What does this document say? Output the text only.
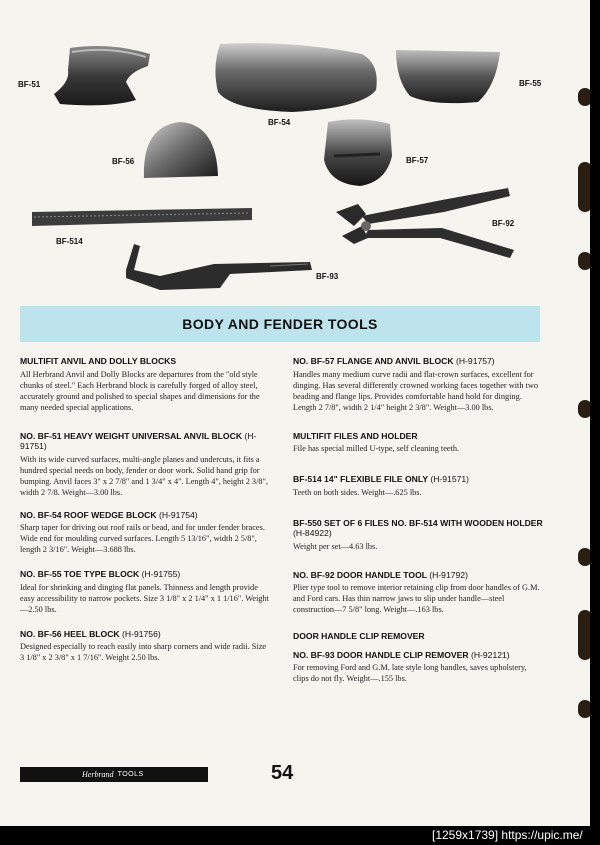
BF-51
BF-54
BF-55
BF-56	BF-57
BF-514
BF-92
BF-93
BODY AND FENDER TOOLS
MULTIFIT ANVIL AND DOLLY BLOCKS

All Herbrand Anvil and Dolly Blocks are departures from the "old style chunks of steel." Each Herbrand block is carefully forged of alloy steel, accurately ground and polished to special shapes and dimensions for the many needed special applications.

NO. BF-51 HEAVY WEIGHT UNIVERSAL ANVIL BLOCK (H-91751)

With its wide curved surfaces, multi-angle planes and undercuts, it fits a hundred special needs on body, fender or door work. Solid hand grip for bumping. Anvil faces 3" x 2 7/8" and 1 3/4" x 4". Length 4", height 2 3/8", width 2 7/8. Weight—3.00 lbs.

NO. BF-54 ROOF WEDGE BLOCK (H-91754)

Sharp taper for driving out roof rails or bead, and for under fender braces. Wide end for moulding curved surfaces. Length 5 13/16", width 2 5/8", length 2 3/16". Weight—3.688 lbs.

NO. BF-55 TOE TYPE BLOCK (H-91755)

Ideal for shrinking and dinging flat panels. Thinness and length provide easy accessibility to narrow pockets. Size 3 1/8" x 2 1/4" x 1 1/16". Weight—2.50 lbs.

NO. BF-56 HEEL BLOCK (H-91756)

Designed especially to reach easily into sharp corners and wide radii. Size 3 1/8" x 2 3/8" x 1 7/16". Weight 2.50 lbs.

NO. BF-57 FLANGE AND ANVIL BLOCK (H-91757)

Handles many medium curve radii and flat-crown surfaces, excellent for dinging. Has several differently crowned working faces together with two beading and flange lips. Provides comfortable hand hold for dinging. Length 2 7/8", width 2 1/4" height 2 3/8". Weight—3.00 lbs.

MULTIFIT FILES AND HOLDER

File has special milled U-type, self cleaning teeth.

BF-514 14" FLEXIBLE FILE ONLY (H-91571)

Teeth on both sides. Weight—.625 lbs.

BF-550 SET OF 6 FILES NO. BF-514 WITH WOODEN HOLDER (H-84922)

Weight per set—4.63 lbs.

NO. BF-92 DOOR HANDLE TOOL (H-91792)

Plier type tool to remove interior retaining clip from door handles of G.M. and Ford cars. Has thin narrow jaws to slip under handle—steel construction—7 5/8" long. Weight—.163 lbs.

DOOR HANDLE CLIP REMOVER
NO. BF-93 DOOR HANDLE CLIP REMOVER (H-92121)

For removing Ford and G.M. late style long handles, saves upholstery, clips do not fly. Weight—.155 lbs.

Herbrand TOOLS	54
[1259x1739] https://upic.me/
